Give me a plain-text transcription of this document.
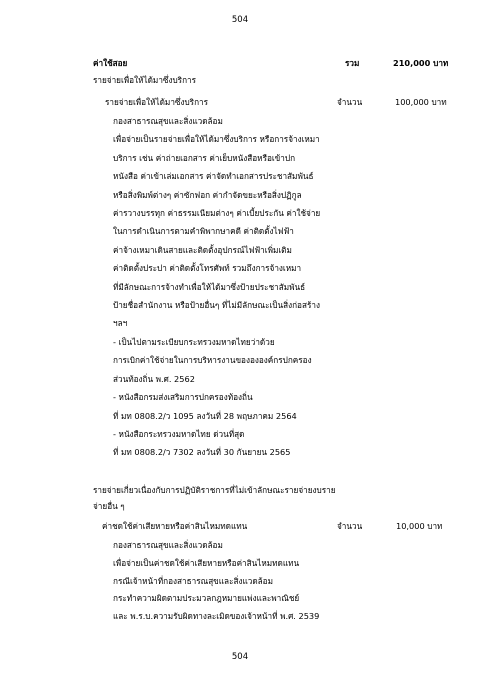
504
ค่าใช้สอย	รวม	210,000 บาท
รายจ่ายเพื่อให้ได้มาซึ่งบริการ
รายจ่ายเพื่อให้ได้มาซึ่งบริการ	จำนวน	100,000 บาท
กองสาธารณสุขและสิ่งแวดล้อม
เพื่อจ่ายเป็นรายจ่ายเพื่อให้ได้มาซึ่งบริการ หรือการจ้างเหมา
บริการ เช่น ค่าถ่ายเอกสาร ค่าเย็บหนังสือหรือเข้าปก
หนังสือ ค่าเข้าเล่มเอกสาร ค่าจัดทำเอกสารประชาสัมพันธ์
หรือสิ่งพิมพ์ต่างๆ ค่าซักฟอก ค่ากำจัดขยะหรือสิ่งปฏิกูล
ค่ารวางบรรทุก ค่าธรรมเนียมต่างๆ ค่าเบี้ยประกัน ค่าใช้จ่าย
ในการดำเนินการตามคำพิพากษาคดี ค่าติดตั้งไฟฟ้า
ค่าจ้างเหมาเดินสายและติดตั้งอุปกรณ์ไฟฟ้าเพิ่มเติม
ค่าติดตั้งประปา ค่าติดตั้งโทรศัพท์ รวมถึงการจ้างเหมา
ที่มีลักษณะการจ้างทำเพื่อให้ได้มาซึ่งป้ายประชาสัมพันธ์
ป้ายชื่อสำนักงาน หรือป้ายอื่นๆ ที่ไม่มีลักษณะเป็นสิ่งก่อสร้าง
ฯลฯ
- เป็นไปตามระเบียบกระทรวงมหาดไทยว่าด้วย
การเบิกค่าใช้จ่ายในการบริหารงานของององค์กรปกครอง
ส่วนท้องถิ่น พ.ศ. 2562
- หนังสือกรมส่งเสริมการปกครองท้องถิ่น
ที่ มท 0808.2/ว 1095 ลงวันที่ 28 พฤษภาคม 2564
- หนังสือกระทรวงมหาดไทย ด่วนที่สุด
ที่ มท 0808.2/ว 7302 ลงวันที่ 30 กันยายน 2565
รายจ่ายเกี่ยวเนื่องกับการปฏิบัติราชการที่ไม่เข้าลักษณะรายจ่ายงบราย
จ่ายอื่น ๆ
ค่าชดใช้ค่าเสียหายหรือค่าสินไหมทดแทน	จำนวน	10,000 บาท
กองสาธารณสุขและสิ่งแวดล้อม
เพื่อจ่ายเป็นค่าชดใช้ค่าเสียหายหรือค่าสินไหมทดแทน
กรณีเจ้าหน้าที่กองสาธารณสุขและสิ่งแวดล้อม
กระทำความผิดตามประมวลกฎหมายแพ่งและพาณิชย์
และ พ.ร.บ.ความรับผิดทางละเมิดของเจ้าหน้าที่ พ.ศ. 2539
504
